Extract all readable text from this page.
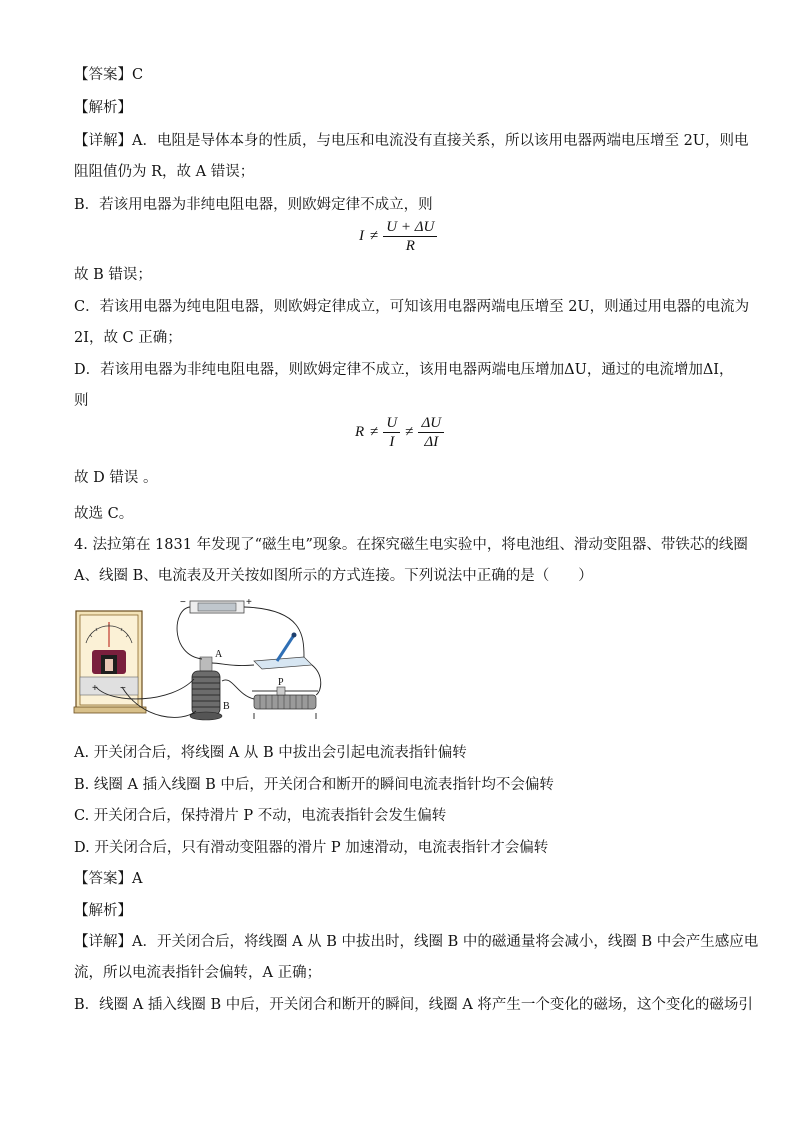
【答案】C
【解析】
【详解】A．电阻是导体本身的性质，与电压和电流没有直接关系，所以该用电器两端电压增至 2U，则电
阻阻值仍为 R，故 A 错误；
B．若该用电器为非纯电阻电器，则欧姆定律不成立，则
$I \ne \frac{U + \Delta U}{R}$
故 B 错误；
C．若该用电器为纯电阻电器，则欧姆定律成立，可知该用电器两端电压增至 2U，则通过用电器的电流为
2I，故 C 正确；
D．若该用电器为非纯电阻电器，则欧姆定律不成立，该用电器两端电压增加ΔU，通过的电流增加ΔI，
则
$R \ne \frac{U}{I} \ne \frac{\Delta U}{\Delta I}$
故 D 错误 。
故选 C。
4. 法拉第在 1831 年发现了“磁生电”现象。在探究磁生电实验中，将电池组、滑动变阻器、带铁芯的线圈
A、线圈 B、电流表及开关按如图所示的方式连接。下列说法中正确的是（　　）
+ −
−	+
A
B
P
A. 开关闭合后，将线圈 A 从 B 中拔出会引起电流表指针偏转
B. 线圈 A 插入线圈 B 中后，开关闭合和断开的瞬间电流表指针均不会偏转
C. 开关闭合后，保持滑片 P 不动，电流表指针会发生偏转
D. 开关闭合后，只有滑动变阻器的滑片 P 加速滑动，电流表指针才会偏转
【答案】A
【解析】
【详解】A．开关闭合后，将线圈 A 从 B 中拔出时，线圈 B 中的磁通量将会减小，线圈 B 中会产生感应电
流，所以电流表指针会偏转，A 正确；
B．线圈 A 插入线圈 B 中后，开关闭合和断开的瞬间，线圈 A 将产生一个变化的磁场，这个变化的磁场引
